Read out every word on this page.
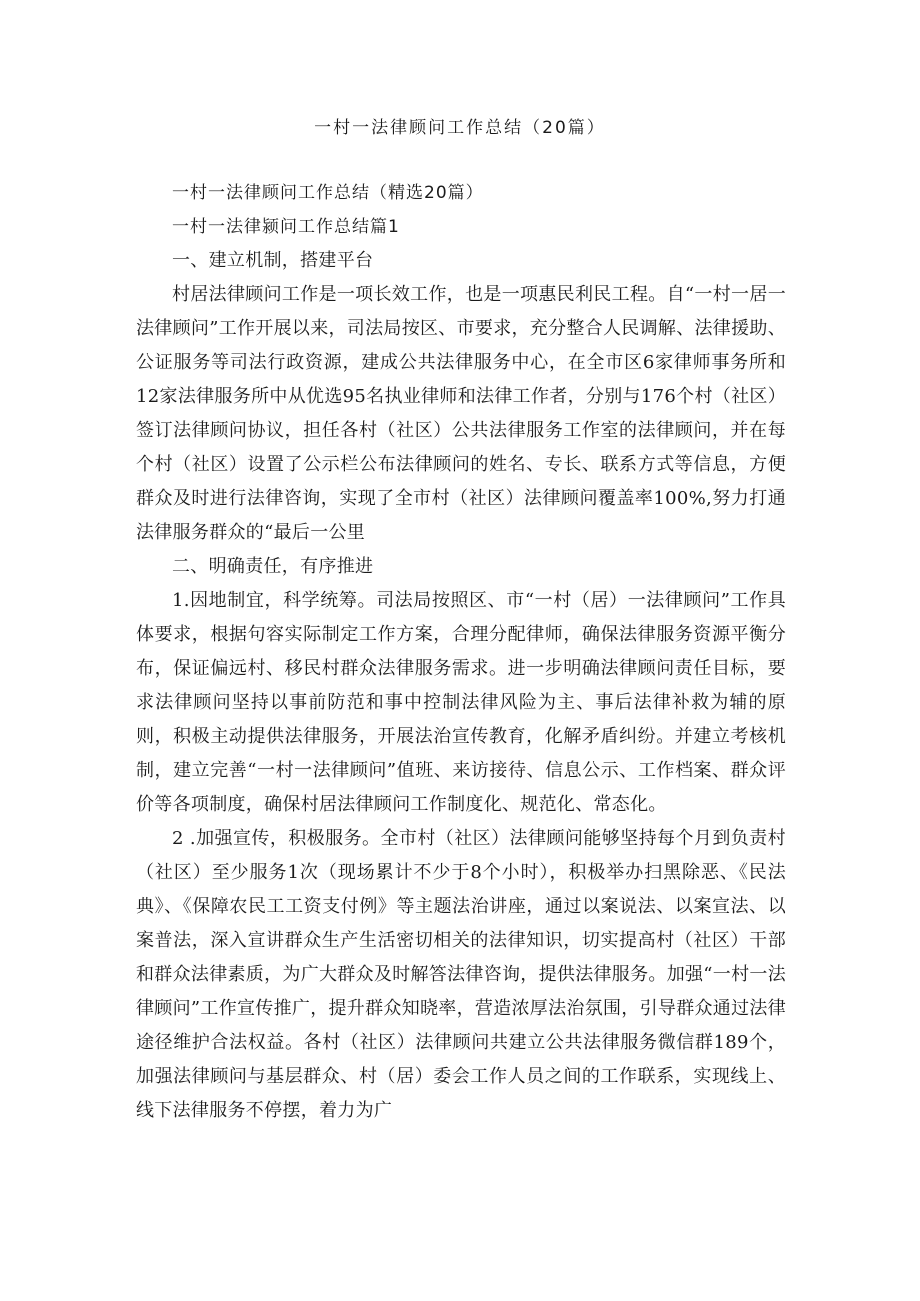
一村一法律顾问工作总结（20篇）

一村一法律顾问工作总结（精选20篇）

一村一法律颍问工作总结篇1

一、建立机制，搭建平台

村居法律顾问工作是一项长效工作，也是一项惠民利民工程。自“一村一居一法律顾问”工作开展以来，司法局按区、市要求，充分整合人民调解、法律援助、公证服务等司法行政资源，建成公共法律服务中心，在全市区6家律师事务所和12家法律服务所中从优选95名执业律师和法律工作者，分别与176个村（社区）签订法律顾问协议，担任各村（社区）公共法律服务工作室的法律顾问，并在每个村（社区）设置了公示栏公布法律顾问的姓名、专长、联系方式等信息，方便群众及时进行法律咨询，实现了全市村（社区）法律顾问覆盖率100%,努力打通法律服务群众的“最后一公里

二、明确责任，有序推进

1.因地制宜，科学统筹。司法局按照区、市“一村（居）一法律顾问”工作具体要求，根据句容实际制定工作方案，合理分配律师，确保法律服务资源平衡分布，保证偏远村、移民村群众法律服务需求。进一步明确法律顾问责任目标，要求法律顾问坚持以事前防范和事中控制法律风险为主、事后法律补救为辅的原则，积极主动提供法律服务，开展法治宣传教育，化解矛盾纠纷。并建立考核机制，建立完善“一村一法律顾问”值班、来访接待、信息公示、工作档案、群众评价等各项制度，确保村居法律顾问工作制度化、规范化、常态化。

2 .加强宣传，积极服务。全市村（社区）法律顾问能够坚持每个月到负责村（社区）至少服务1次（现场累计不少于8个小时），积极举办扫黑除恶、《民法典》、《保障农民工工资支付例》等主题法治讲座，通过以案说法、以案宣法、以案普法，深入宣讲群众生产生活密切相关的法律知识，切实提高村（社区）干部和群众法律素质，为广大群众及时解答法律咨询，提供法律服务。加强“一村一法律顾问”工作宣传推广，提升群众知晓率，营造浓厚法治氛围，引导群众通过法律途径维护合法权益。各村（社区）法律顾问共建立公共法律服务微信群189个，加强法律顾问与基层群众、村（居）委会工作人员之间的工作联系，实现线上、线下法律服务不停摆，着力为广
